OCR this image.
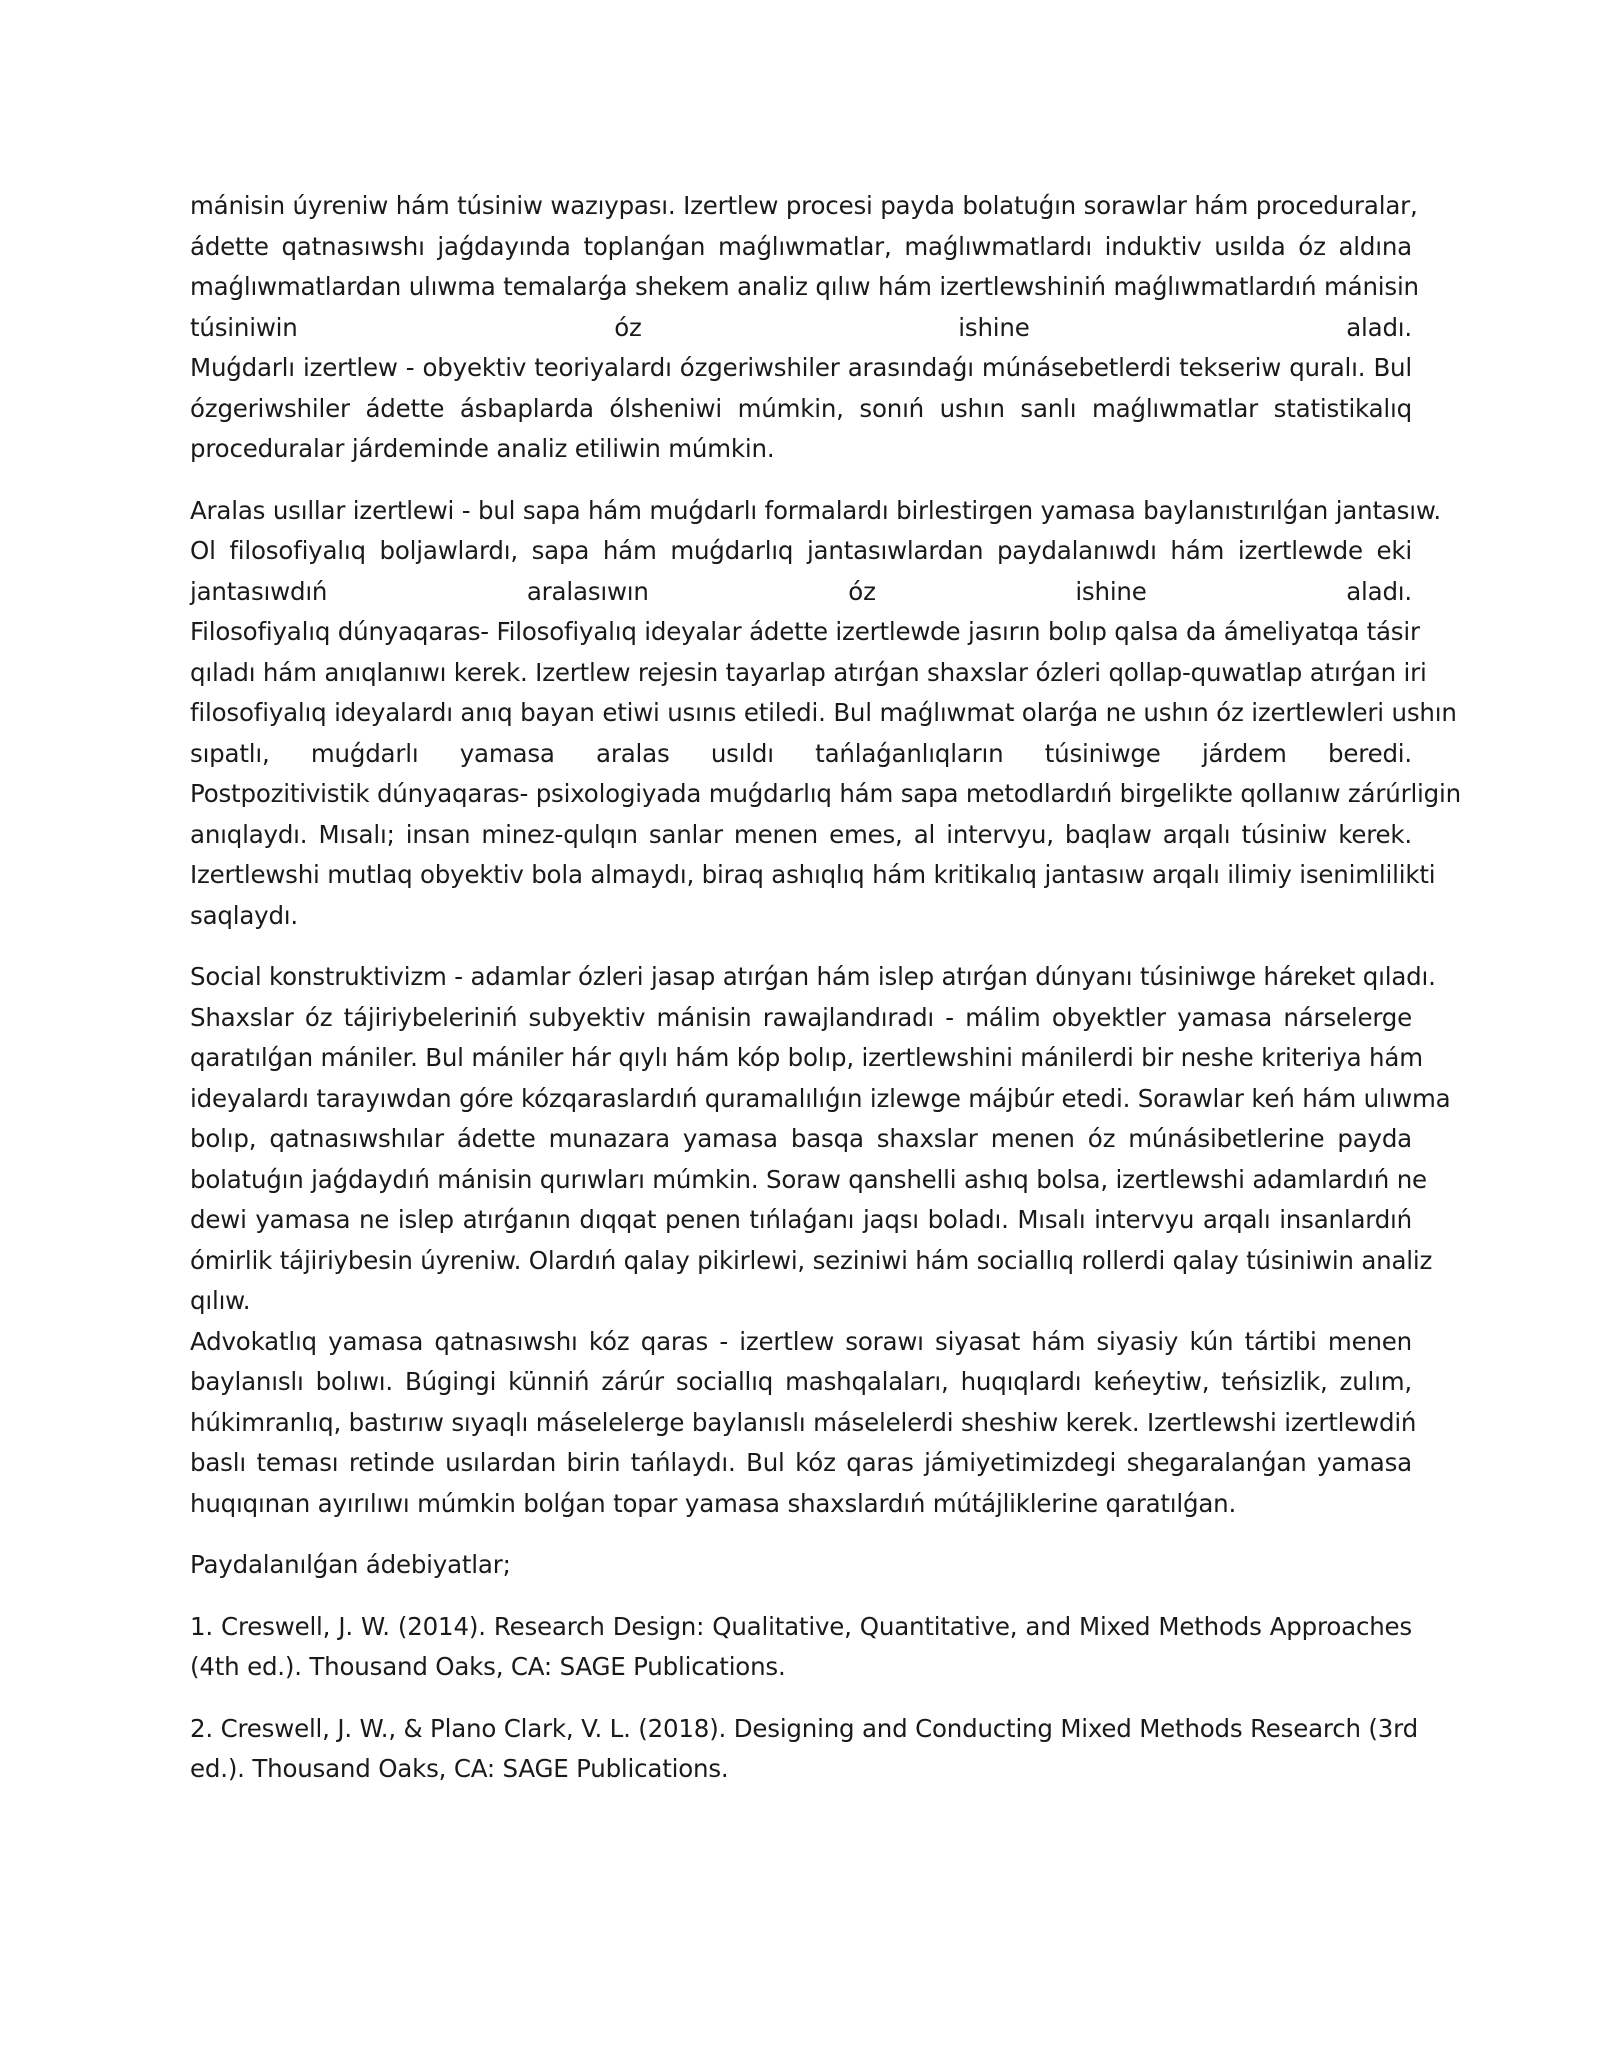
mánisin úyreniw hám túsiniw wazıypası. Izertlew procesi payda bolatuǵın sorawlar hám proceduralar,
ádette qatnasıwshı jaǵdayında toplanǵan maǵlıwmatlar, maǵlıwmatlardı induktiv usılda óz aldına
maǵlıwmatlardan ulıwma temalarǵa shekem analiz qılıw hám izertlewshiniń maǵlıwmatlardıń mánisin
túsiniwin óz ishine aladı.
Muǵdarlı izertlew - obyektiv teoriyalardı ózgeriwshiler arasındaǵı múnásebetlerdi tekseriw quralı. Bul
ózgeriwshiler ádette ásbaplarda ólsheniwi múmkin, sonıń ushın sanlı maǵlıwmatlar statistikalıq
proceduralar járdeminde analiz etiliwin múmkin.
Aralas usıllar izertlewi - bul sapa hám muǵdarlı formalardı birlestirgen yamasa baylanıstırılǵan jantasıw.
Ol filosofiyalıq boljawlardı, sapa hám muǵdarlıq jantasıwlardan paydalanıwdı hám izertlewde eki
jantasıwdıń aralasıwın óz ishine aladı.
Filosofiyalıq dúnyaqaras- Filosofiyalıq ideyalar ádette izertlewde jasırın bolıp qalsa da ámeliyatqa tásir
qıladı hám anıqlanıwı kerek. Izertlew rejesin tayarlap atırǵan shaxslar ózleri qollap-quwatlap atırǵan iri
filosofiyalıq ideyalardı anıq bayan etiwi usınıs etiledi. Bul maǵlıwmat olarǵa ne ushın óz izertlewleri ushın
sıpatlı, muǵdarlı yamasa aralas usıldı tańlaǵanlıqların túsiniwge járdem beredi.
Postpozitivistik dúnyaqaras- psixologiyada muǵdarlıq hám sapa metodlardıń birgelikte qollanıw zárúrligin
anıqlaydı. Mısalı; insan minez-qulqın sanlar menen emes, al intervyu, baqlaw arqalı túsiniw kerek.
Izertlewshi mutlaq obyektiv bola almaydı, biraq ashıqlıq hám kritikalıq jantasıw arqalı ilimiy isenimlilikti
saqlaydı.
Social konstruktivizm - adamlar ózleri jasap atırǵan hám islep atırǵan dúnyanı túsiniwge háreket qıladı.
Shaxslar óz tájiriybeleriniń subyektiv mánisin rawajlandıradı - málim obyektler yamasa nárselerge
qaratılǵan mániler. Bul mániler hár qıylı hám kóp bolıp, izertlewshini mánilerdi bir neshe kriteriya hám
ideyalardı tarayıwdan góre kózqaraslardıń quramalılıǵın izlewge májbúr etedi. Sorawlar keń hám ulıwma
bolıp, qatnasıwshılar ádette munazara yamasa basqa shaxslar menen óz múnásibetlerine payda
bolatuǵın jaǵdaydıń mánisin qurıwları múmkin. Soraw qanshelli ashıq bolsa, izertlewshi adamlardıń ne
dewi yamasa ne islep atırǵanın dıqqat penen tıńlaǵanı jaqsı boladı. Mısalı intervyu arqalı insanlardıń
ómirlik tájiriybesin úyreniw. Olardıń qalay pikirlewi, seziniwi hám sociallıq rollerdi qalay túsiniwin analiz
qılıw.
Advokatlıq yamasa qatnasıwshı kóz qaras - izertlew sorawı siyasat hám siyasiy kún tártibi menen
baylanıslı bolıwı. Búgingi künniń zárúr sociallıq mashqalaları, huqıqlardı keńeytiw, teńsizlik, zulım,
húkimranlıq, bastırıw sıyaqlı máselelerge baylanıslı máselelerdi sheshiw kerek. Izertlewshi izertlewdiń
baslı teması retinde usılardan birin tańlaydı. Bul kóz qaras jámiyetimizdegi shegaralanǵan yamasa
huqıqınan ayırılıwı múmkin bolǵan topar yamasa shaxslardıń mútájliklerine qaratılǵan.
Paydalanılǵan ádebiyatlar;
1. Creswell, J. W. (2014). Research Design: Qualitative, Quantitative, and Mixed Methods Approaches
(4th ed.). Thousand Oaks, CA: SAGE Publications.
2. Creswell, J. W., & Plano Clark, V. L. (2018). Designing and Conducting Mixed Methods Research (3rd
ed.). Thousand Oaks, CA: SAGE Publications.
